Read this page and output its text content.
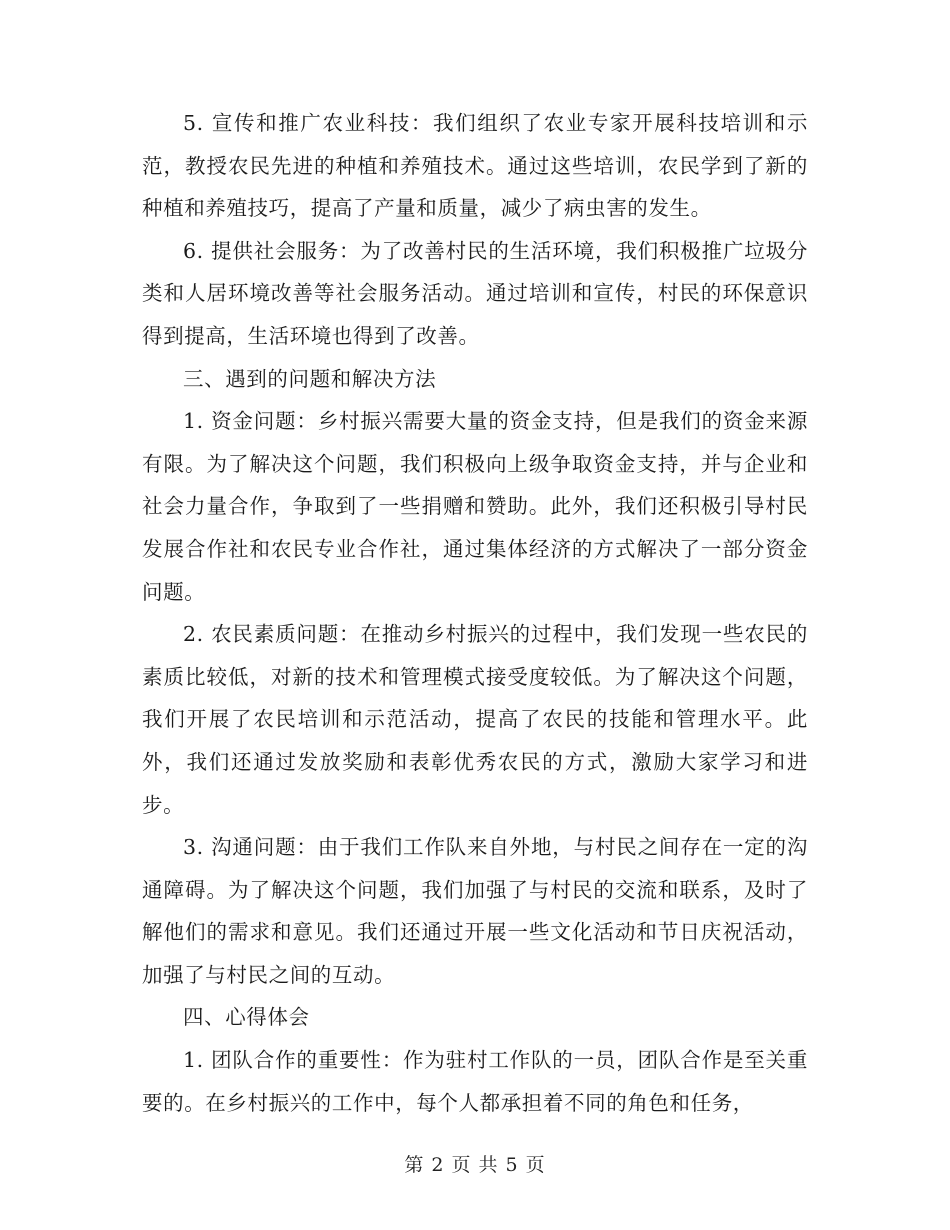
5. 宣传和推广农业科技：我们组织了农业专家开展科技培训和示范，教授农民先进的种植和养殖技术。通过这些培训，农民学到了新的种植和养殖技巧，提高了产量和质量，减少了病虫害的发生。

6. 提供社会服务：为了改善村民的生活环境，我们积极推广垃圾分类和人居环境改善等社会服务活动。通过培训和宣传，村民的环保意识得到提高，生活环境也得到了改善。

三、遇到的问题和解决方法

1. 资金问题：乡村振兴需要大量的资金支持，但是我们的资金来源有限。为了解决这个问题，我们积极向上级争取资金支持，并与企业和社会力量合作，争取到了一些捐赠和赞助。此外，我们还积极引导村民发展合作社和农民专业合作社，通过集体经济的方式解决了一部分资金问题。

2. 农民素质问题：在推动乡村振兴的过程中，我们发现一些农民的素质比较低，对新的技术和管理模式接受度较低。为了解决这个问题，我们开展了农民培训和示范活动，提高了农民的技能和管理水平。此外，我们还通过发放奖励和表彰优秀农民的方式，激励大家学习和进步。

3. 沟通问题：由于我们工作队来自外地，与村民之间存在一定的沟通障碍。为了解决这个问题，我们加强了与村民的交流和联系，及时了解他们的需求和意见。我们还通过开展一些文化活动和节日庆祝活动，加强了与村民之间的互动。

四、心得体会

1. 团队合作的重要性：作为驻村工作队的一员，团队合作是至关重要的。在乡村振兴的工作中，每个人都承担着不同的角色和任务，

第 2 页 共 5 页
